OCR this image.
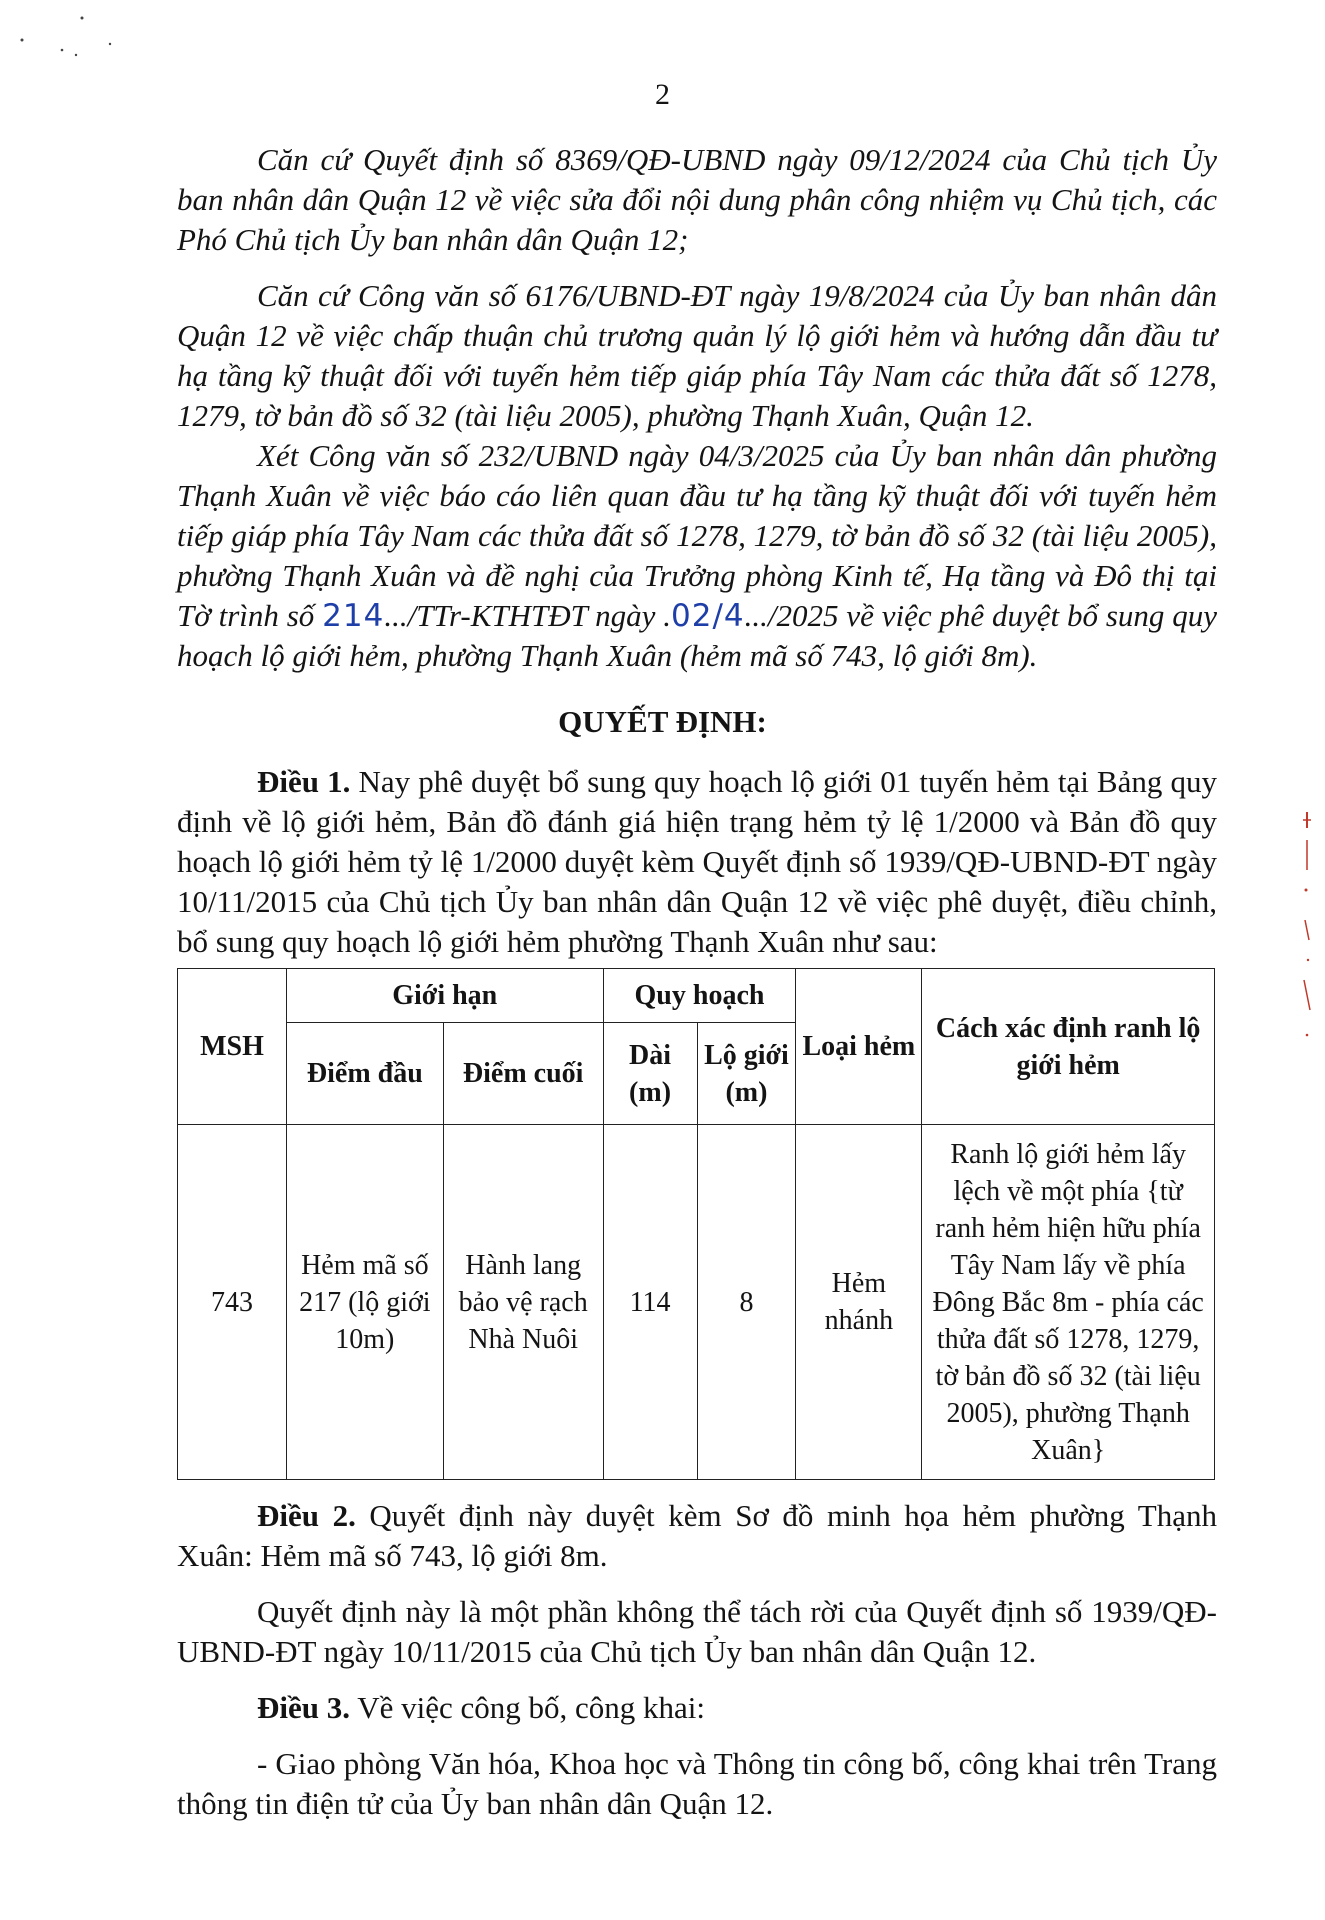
2

Căn cứ Quyết định số 8369/QĐ-UBND ngày 09/12/2024 của Chủ tịch Ủy ban nhân dân Quận 12 về việc sửa đổi nội dung phân công nhiệm vụ Chủ tịch, các Phó Chủ tịch Ủy ban nhân dân Quận 12;

Căn cứ Công văn số 6176/UBND-ĐT ngày 19/8/2024 của Ủy ban nhân dân Quận 12 về việc chấp thuận chủ trương quản lý lộ giới hẻm và hướng dẫn đầu tư hạ tầng kỹ thuật đối với tuyến hẻm tiếp giáp phía Tây Nam các thửa đất số 1278, 1279, tờ bản đồ số 32 (tài liệu 2005), phường Thạnh Xuân, Quận 12.

Xét Công văn số 232/UBND ngày 04/3/2025 của Ủy ban nhân dân phường Thạnh Xuân về việc báo cáo liên quan đầu tư hạ tầng kỹ thuật đối với tuyến hẻm tiếp giáp phía Tây Nam các thửa đất số 1278, 1279, tờ bản đồ số 32 (tài liệu 2005), phường Thạnh Xuân và đề nghị của Trưởng phòng Kinh tế, Hạ tầng và Đô thị tại Tờ trình số 214.../TTr-KTHTĐT ngày .02/4.../2025 về việc phê duyệt bổ sung quy hoạch lộ giới hẻm, phường Thạnh Xuân (hẻm mã số 743, lộ giới 8m).

QUYẾT ĐỊNH:

Điều 1. Nay phê duyệt bổ sung quy hoạch lộ giới 01 tuyến hẻm tại Bảng quy định về lộ giới hẻm, Bản đồ đánh giá hiện trạng hẻm tỷ lệ 1/2000 và Bản đồ quy hoạch lộ giới hẻm tỷ lệ 1/2000 duyệt kèm Quyết định số 1939/QĐ-UBND-ĐT ngày 10/11/2015 của Chủ tịch Ủy ban nhân dân Quận 12 về việc phê duyệt, điều chỉnh, bổ sung quy hoạch lộ giới hẻm phường Thạnh Xuân như sau:

MSH	Giới hạn		Quy hoạch		Loại hẻm	Cách xác định ranh lộ giới hẻm
	Điểm đầu	Điểm cuối	Dài (m)	Lộ giới (m)		
743	Hẻm mã số 217 (lộ giới 10m)	Hành lang bảo vệ rạch Nhà Nuôi	114	8	Hẻm nhánh	Ranh lộ giới hẻm lấy lệch về một phía {từ ranh hẻm hiện hữu phía Tây Nam lấy về phía Đông Bắc 8m - phía các thửa đất số 1278, 1279, tờ bản đồ số 32 (tài liệu 2005), phường Thạnh Xuân}

Điều 2. Quyết định này duyệt kèm Sơ đồ minh họa hẻm phường Thạnh Xuân: Hẻm mã số 743, lộ giới 8m.

Quyết định này là một phần không thể tách rời của Quyết định số 1939/QĐ-UBND-ĐT ngày 10/11/2015 của Chủ tịch Ủy ban nhân dân Quận 12.

Điều 3. Về việc công bố, công khai:

- Giao phòng Văn hóa, Khoa học và Thông tin công bố, công khai trên Trang thông tin điện tử của Ủy ban nhân dân Quận 12.
